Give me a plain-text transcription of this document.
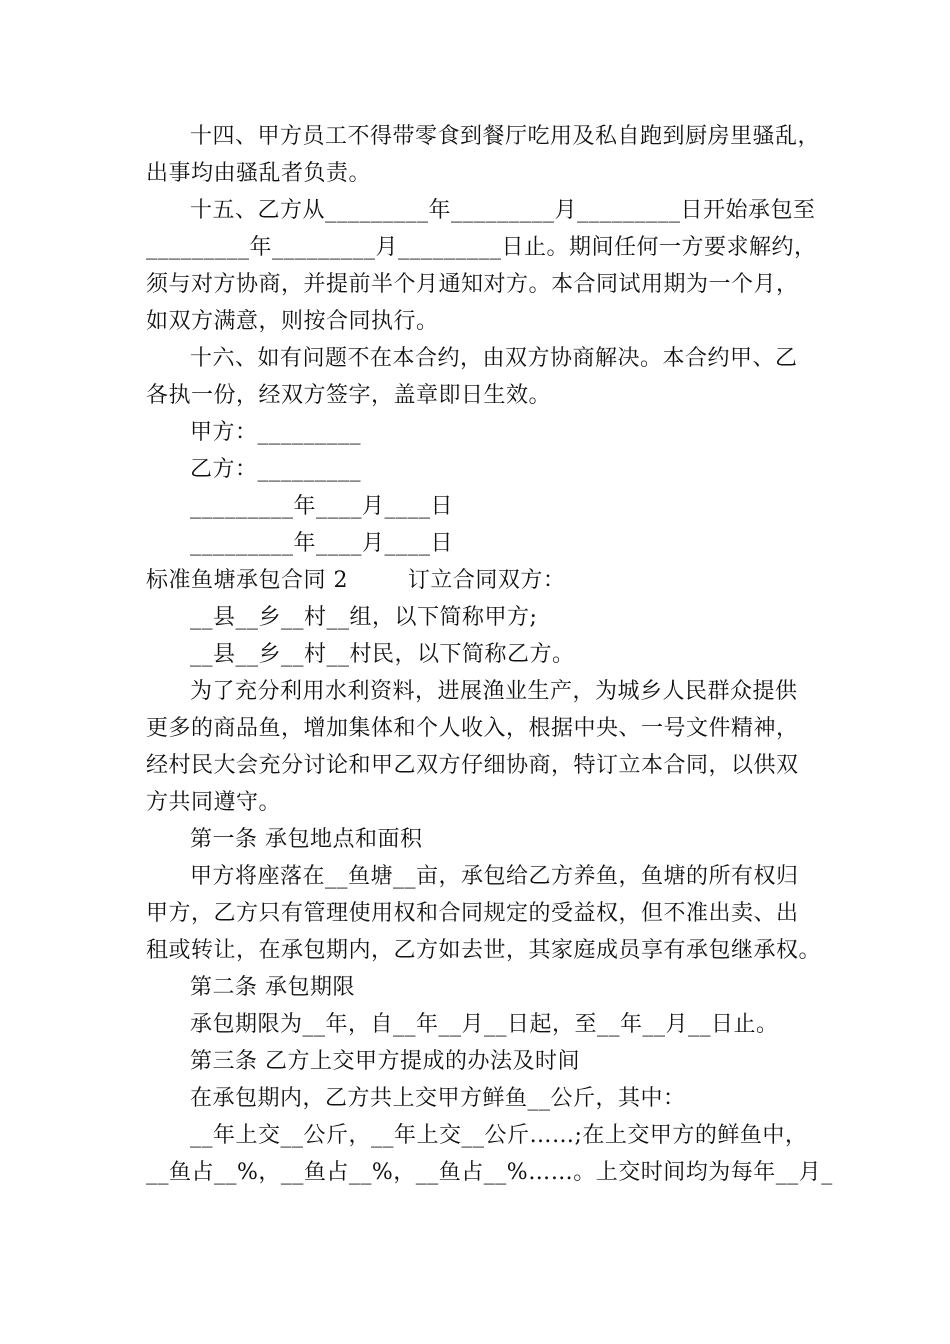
十四、甲方员工不得带零食到餐厅吃用及私自跑到厨房里骚乱，
出事均由骚乱者负责。
十五、乙方从_________年_________月_________日开始承包至
_________年_________月_________日止。期间任何一方要求解约，
须与对方协商，并提前半个月通知对方。本合同试用期为一个月，
如双方满意，则按合同执行。
十六、如有问题不在本合约，由双方协商解决。本合约甲、乙
各执一份，经双方签字，盖章即日生效。
甲方：_________
乙方：_________
_________年____月____日
_________年____月____日
标准鱼塘承包合同 2        订立合同双方：
__县__乡__村__组，以下简称甲方;
__县__乡__村__村民，以下简称乙方。
为了充分利用水利资料，进展渔业生产，为城乡人民群众提供
更多的商品鱼，增加集体和个人收入，根据中央、一号文件精神，
经村民大会充分讨论和甲乙双方仔细协商，特订立本合同，以供双
方共同遵守。
第一条 承包地点和面积
甲方将座落在__鱼塘__亩，承包给乙方养鱼，鱼塘的所有权归
甲方，乙方只有管理使用权和合同规定的受益权，但不准出卖、出
租或转让，在承包期内，乙方如去世，其家庭成员享有承包继承权。
第二条 承包期限
承包期限为__年，自__年__月__日起，至__年__月__日止。
第三条 乙方上交甲方提成的办法及时间
在承包期内，乙方共上交甲方鲜鱼__公斤，其中：
__年上交__公斤，__年上交__公斤……;在上交甲方的鲜鱼中，
__鱼占__%，__鱼占__%，__鱼占__%……。上交时间均为每年__月_
